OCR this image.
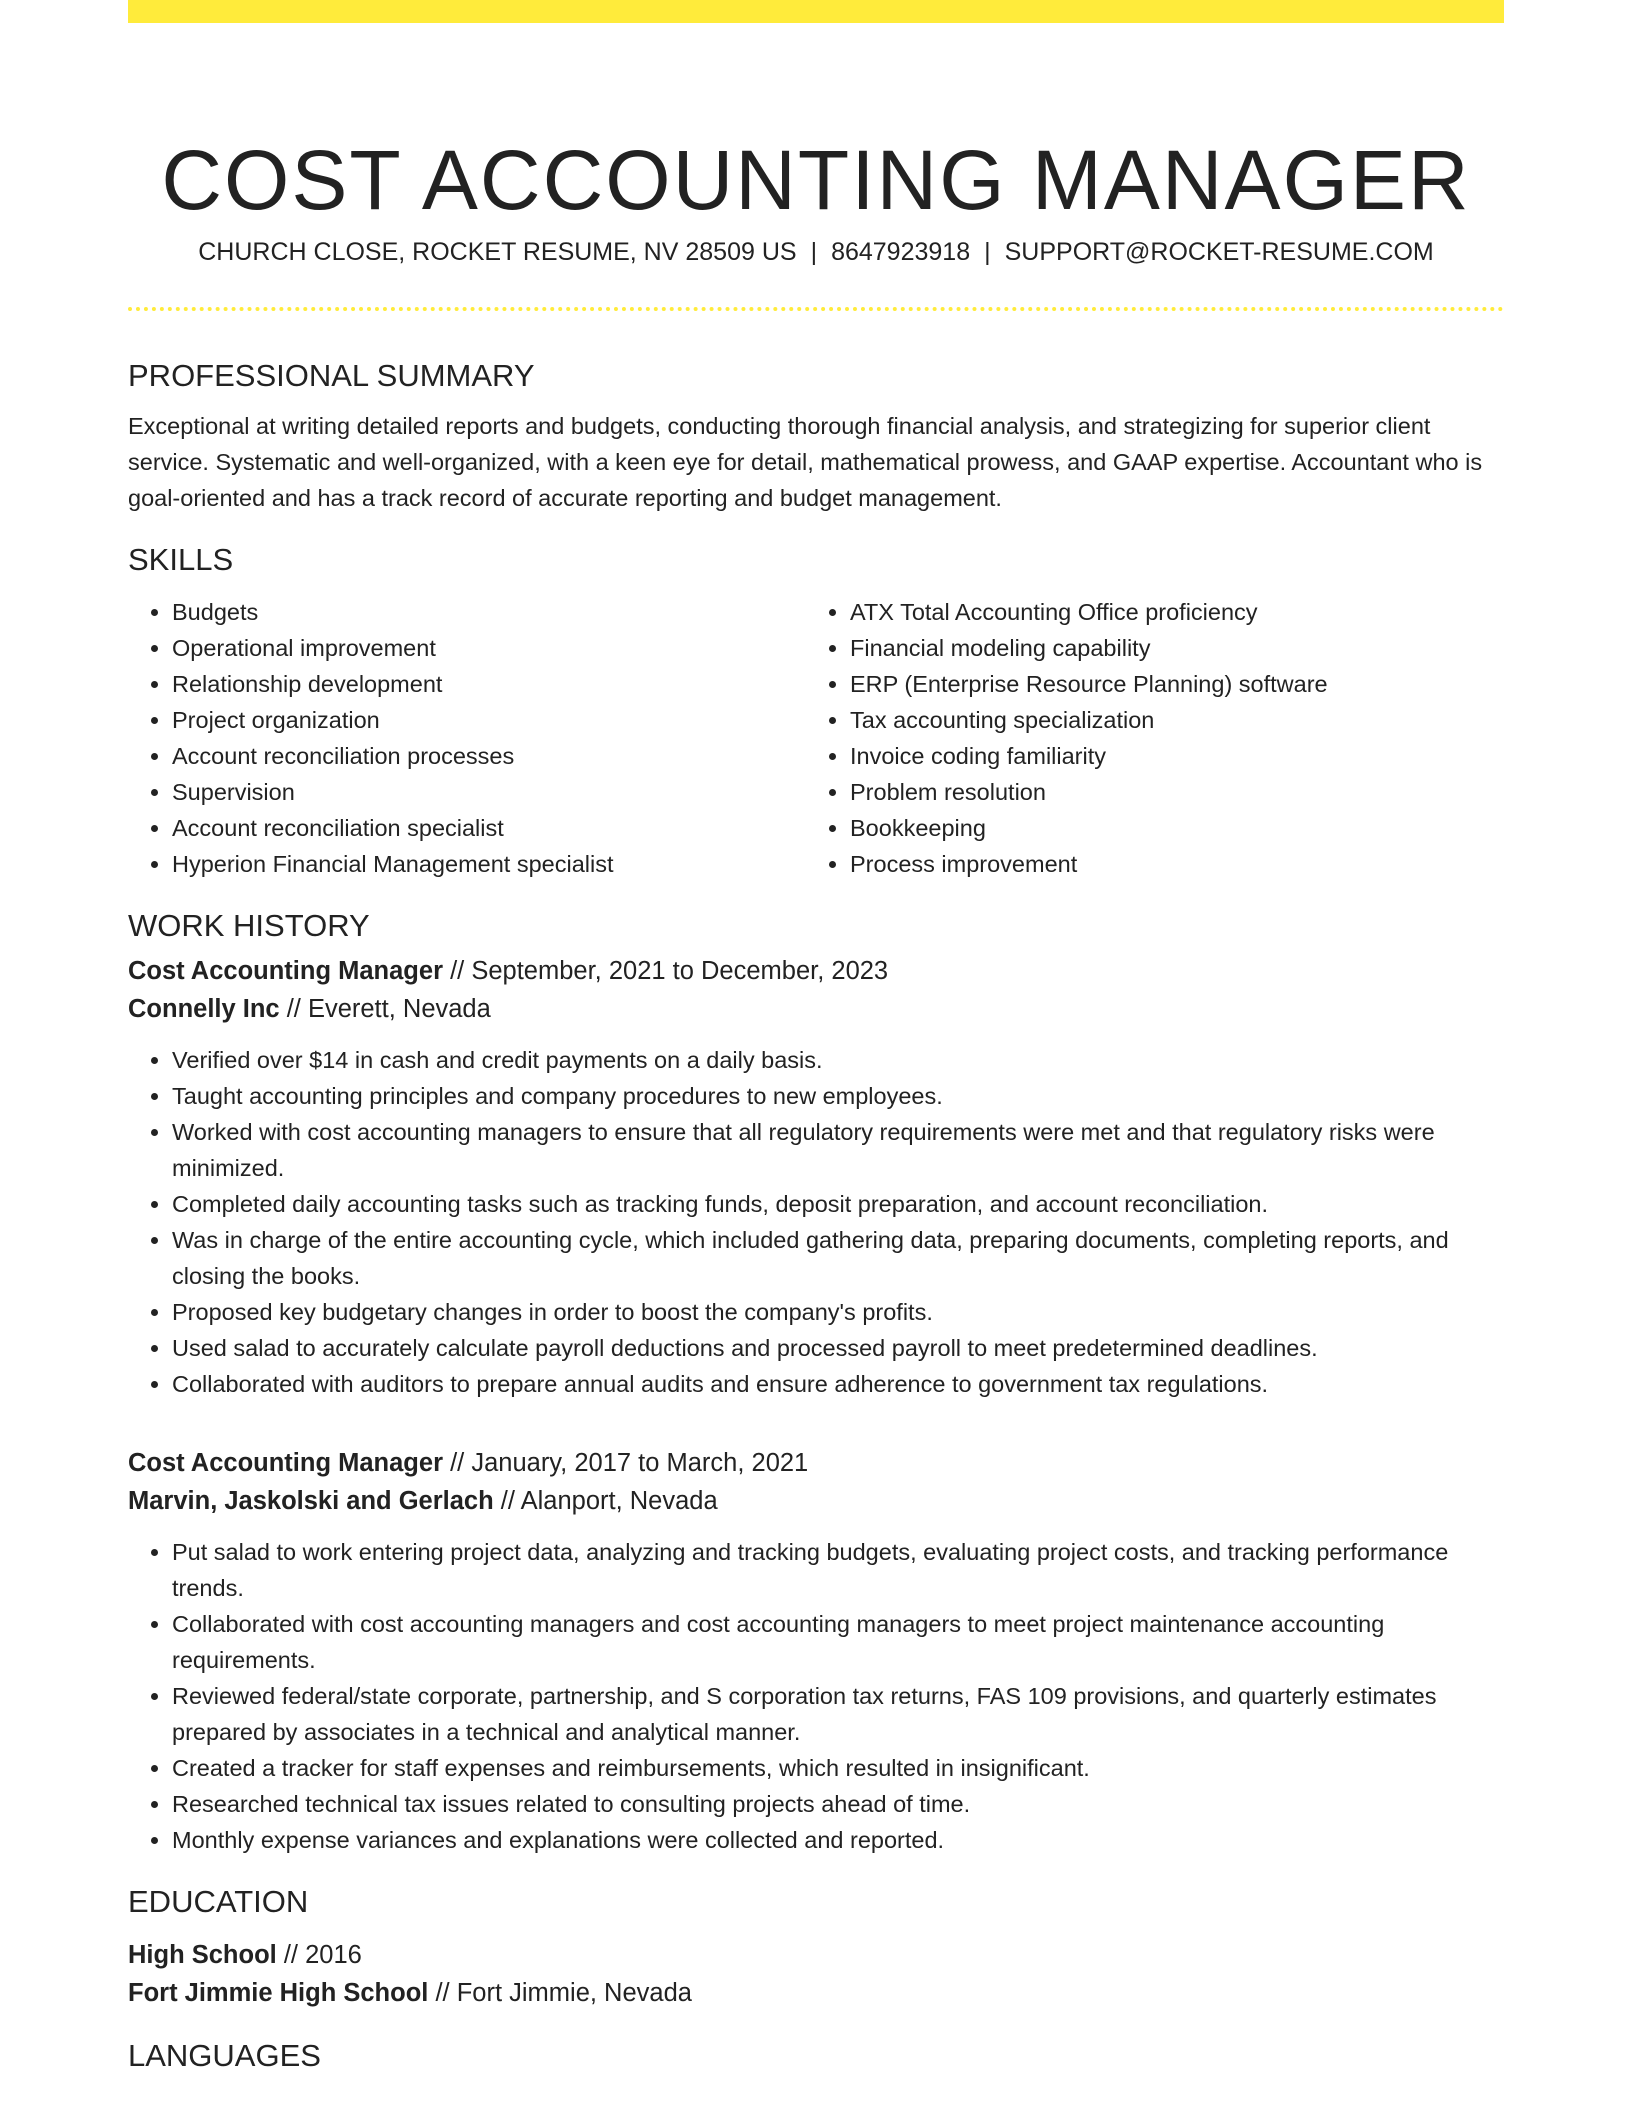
COST ACCOUNTING MANAGER
CHURCH CLOSE, ROCKET RESUME, NV 28509 US | 8647923918 | SUPPORT@ROCKET-RESUME.COM
PROFESSIONAL SUMMARY

Exceptional at writing detailed reports and budgets, conducting thorough financial analysis, and strategizing for superior client service. Systematic and well-organized, with a keen eye for detail, mathematical prowess, and GAAP expertise. Accountant who is goal-oriented and has a track record of accurate reporting and budget management.

SKILLS
• Budgets
• Operational improvement
• Relationship development
• Project organization
• Account reconciliation processes
• Supervision
• Account reconciliation specialist
• Hyperion Financial Management specialist
• ATX Total Accounting Office proficiency
• Financial modeling capability
• ERP (Enterprise Resource Planning) software
• Tax accounting specialization
• Invoice coding familiarity
• Problem resolution
• Bookkeeping
• Process improvement
WORK HISTORY
Cost Accounting Manager // September, 2021 to December, 2023
Connelly Inc // Everett, Nevada
• Verified over $14 in cash and credit payments on a daily basis.
• Taught accounting principles and company procedures to new employees.
• Worked with cost accounting managers to ensure that all regulatory requirements were met and that regulatory risks were minimized.
• Completed daily accounting tasks such as tracking funds, deposit preparation, and account reconciliation.
• Was in charge of the entire accounting cycle, which included gathering data, preparing documents, completing reports, and closing the books.
• Proposed key budgetary changes in order to boost the company's profits.
• Used salad to accurately calculate payroll deductions and processed payroll to meet predetermined deadlines.
• Collaborated with auditors to prepare annual audits and ensure adherence to government tax regulations.
Cost Accounting Manager // January, 2017 to March, 2021
Marvin, Jaskolski and Gerlach // Alanport, Nevada
• Put salad to work entering project data, analyzing and tracking budgets, evaluating project costs, and tracking performance trends.
• Collaborated with cost accounting managers and cost accounting managers to meet project maintenance accounting requirements.
• Reviewed federal/state corporate, partnership, and S corporation tax returns, FAS 109 provisions, and quarterly estimates prepared by associates in a technical and analytical manner.
• Created a tracker for staff expenses and reimbursements, which resulted in insignificant.
• Researched technical tax issues related to consulting projects ahead of time.
• Monthly expense variances and explanations were collected and reported.
EDUCATION
High School // 2016
Fort Jimmie High School // Fort Jimmie, Nevada
LANGUAGES
